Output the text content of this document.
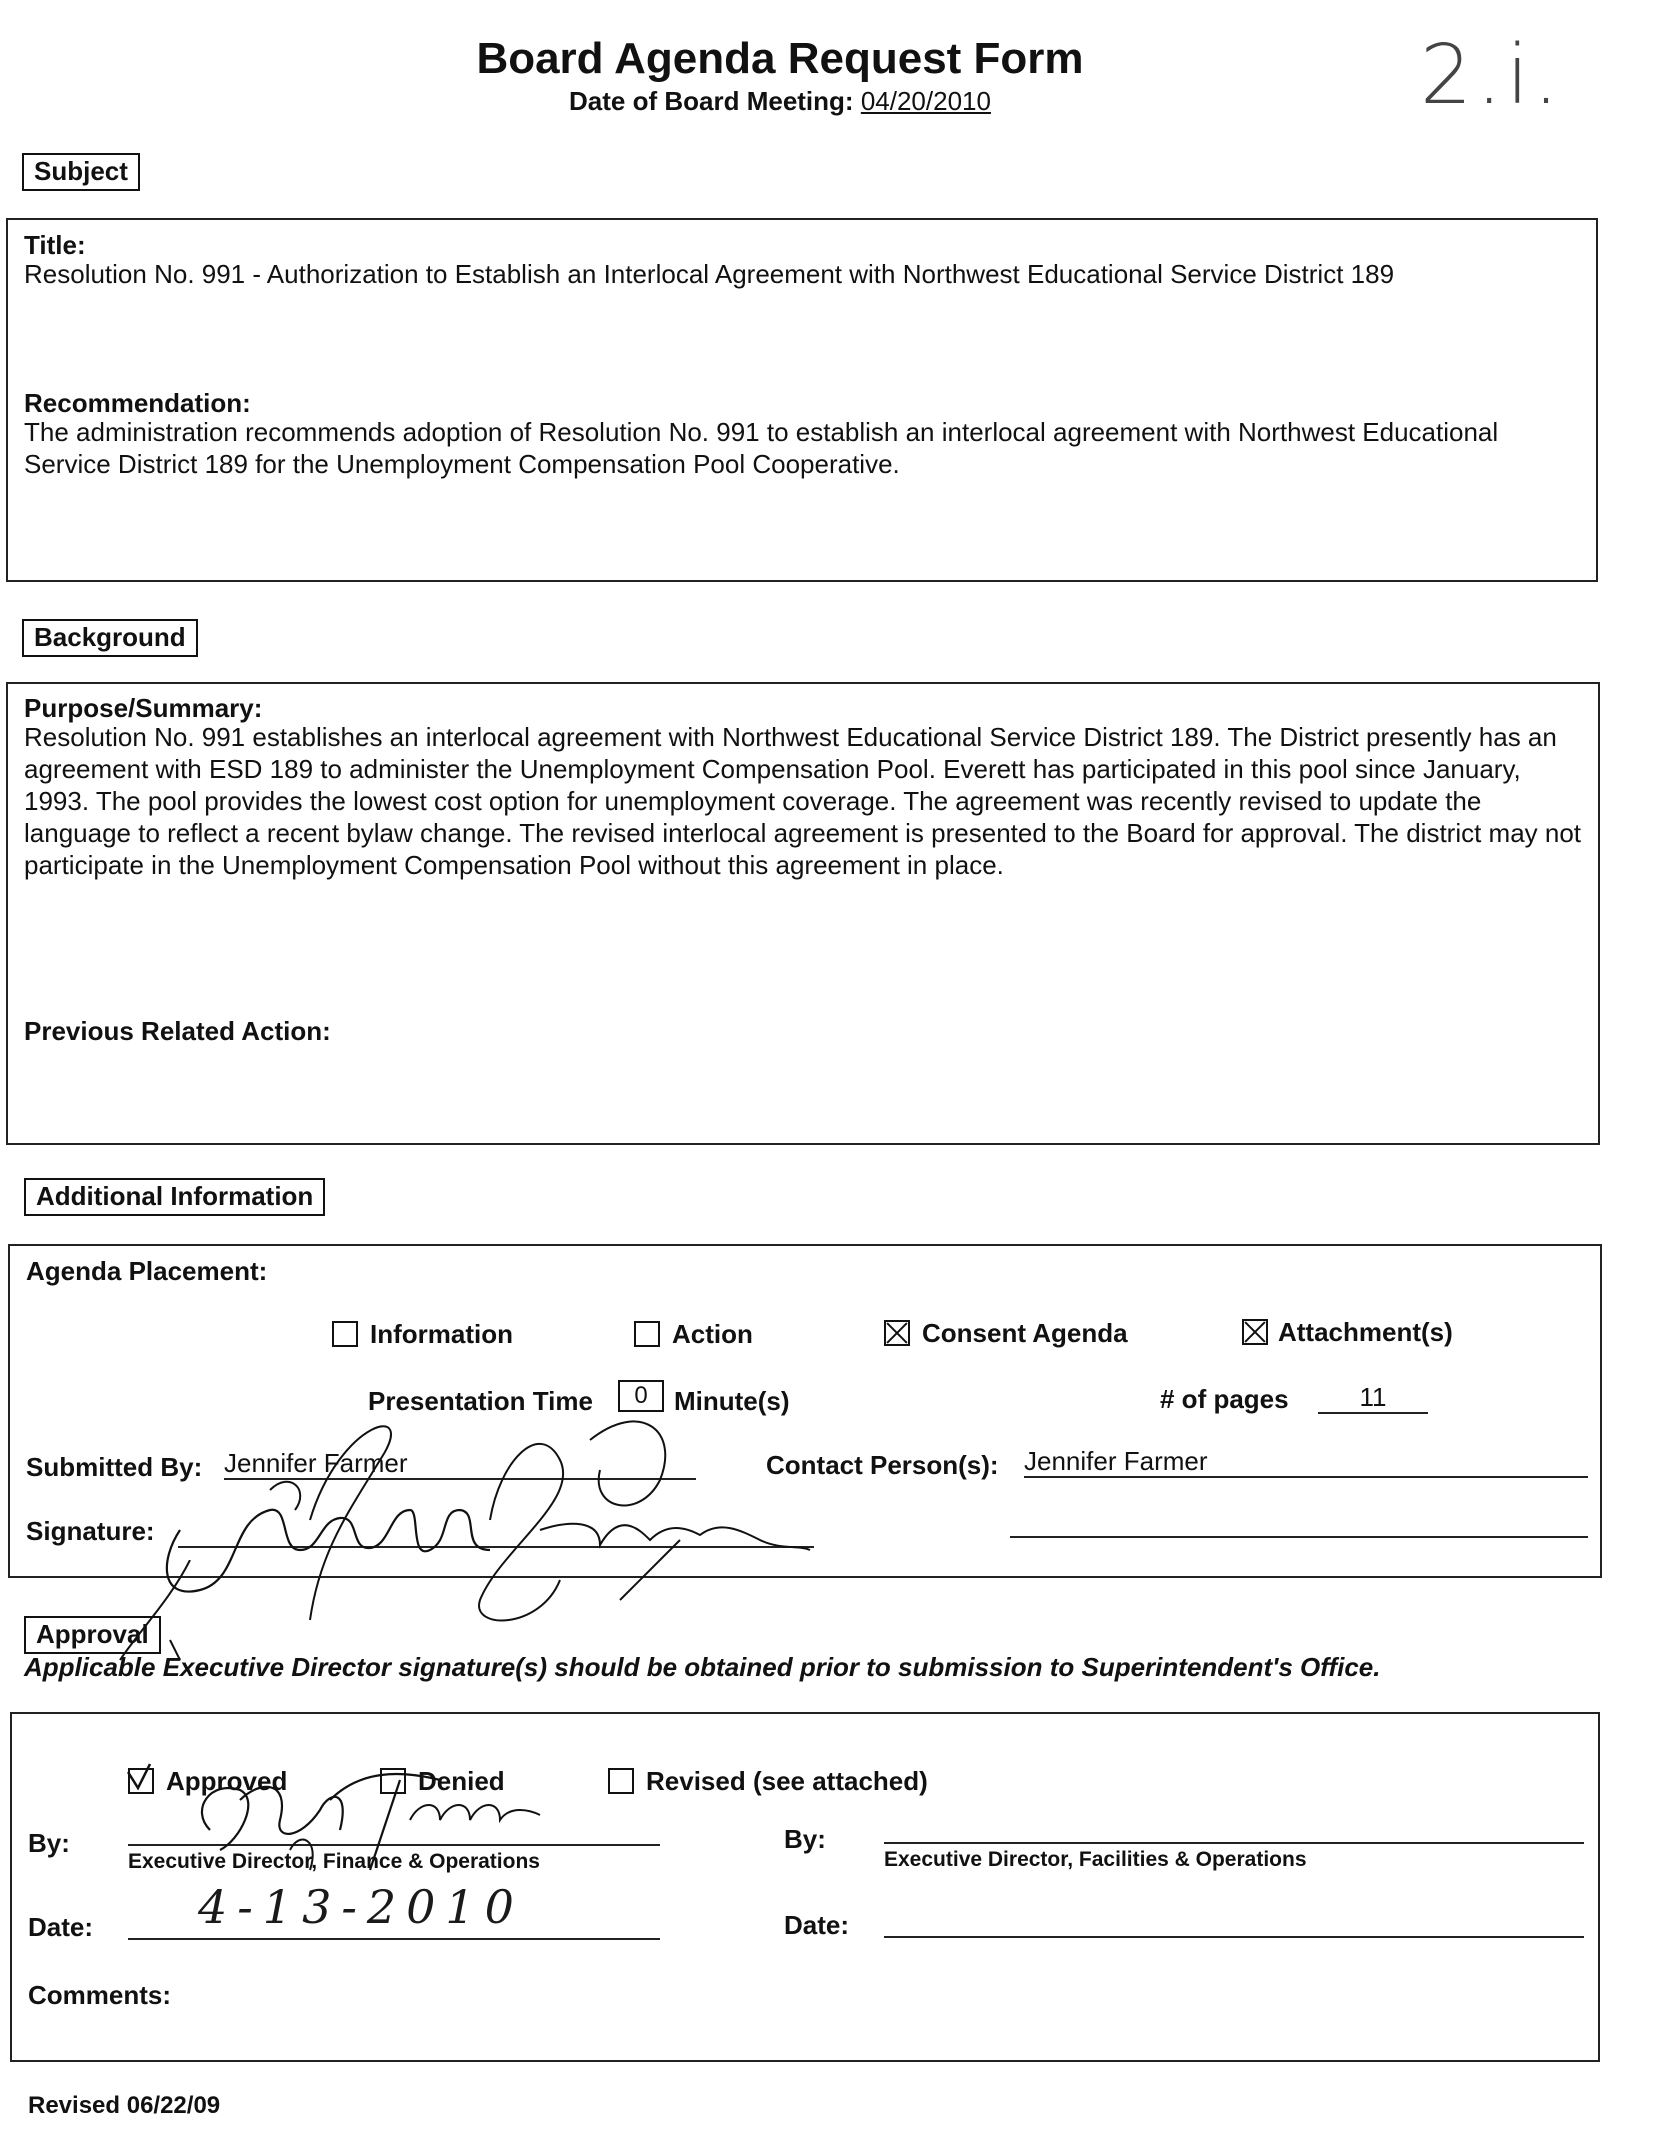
Board Agenda Request Form
Date of Board Meeting: 04/20/2010	2.i.
Subject
Title:
Resolution No. 991 - Authorization to Establish an Interlocal Agreement with Northwest Educational Service District 189
Recommendation:
The administration recommends adoption of Resolution No. 991 to establish an interlocal agreement with Northwest Educational Service District 189 for the Unemployment Compensation Pool Cooperative.
Background
Purpose/Summary:
Resolution No. 991 establishes an interlocal agreement with Northwest Educational Service District 189. The District presently has an agreement with ESD 189 to administer the Unemployment Compensation Pool. Everett has participated in this pool since January, 1993. The pool provides the lowest cost option for unemployment coverage. The agreement was recently revised to update the language to reflect a recent bylaw change. The revised interlocal agreement is presented to the Board for approval. The district may not participate in the Unemployment Compensation Pool without this agreement in place.
Previous Related Action:
Additional Information
Agenda Placement:
Information	Action	Consent Agenda	Attachment(s)
Presentation Time	0	Minute(s)	# of pages	11
Submitted By: Jennifer Farmer	Contact Person(s): Jennifer Farmer
Signature:
Approval
Applicable Executive Director signature(s) should be obtained prior to submission to Superintendent's Office.
Approved	Denied	Revised (see attached)
By:
Executive Director, Finance & Operations
By:
Executive Director, Facilities & Operations
Date: 4-13-2010	Date:
Comments:
Revised 06/22/09
